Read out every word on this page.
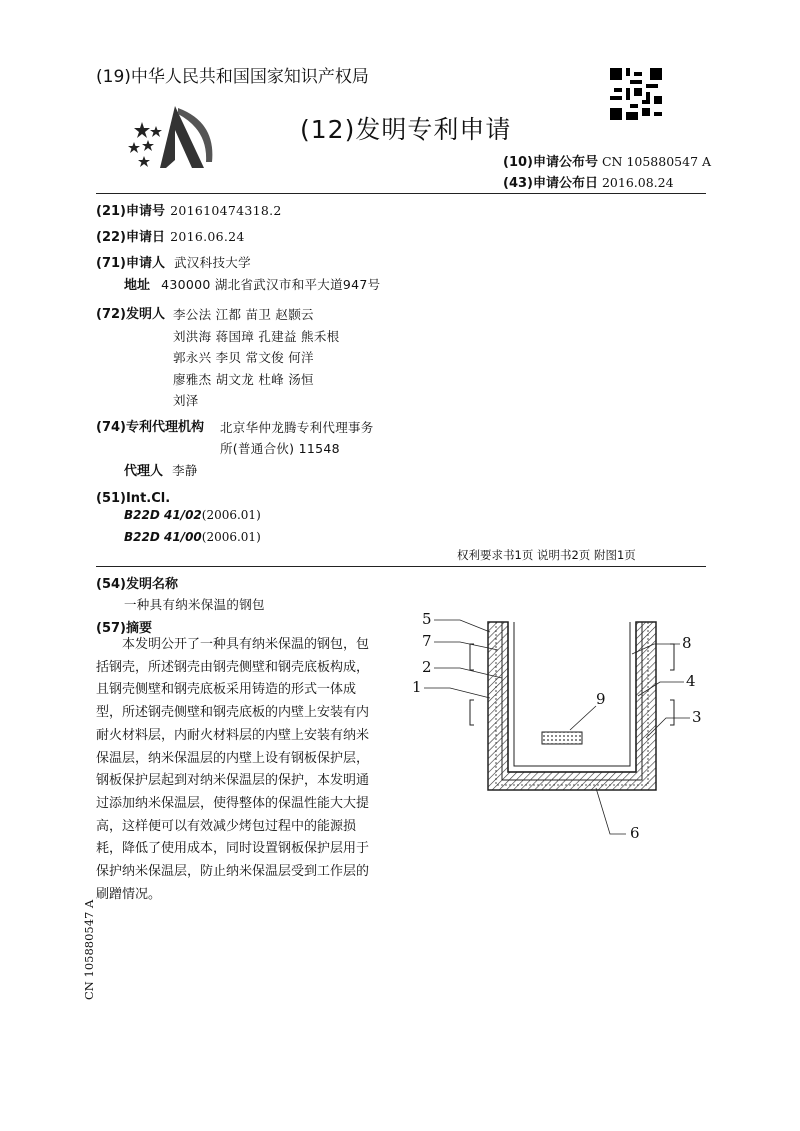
(19)中华人民共和国国家知识产权局
(12)发明专利申请
(10)申请公布号 CN 105880547 A
(43)申请公布日 2016.08.24
(21)申请号 201610474318.2
(22)申请日 2016.06.24
(71)申请人 武汉科技大学
地址 430000 湖北省武汉市和平大道947号
(72)发明人 李公法 江都 苗卫 赵颢云
刘洪海 蒋国璋 孔建益 熊禾根
郭永兴 李贝 常文俊 何洋
廖雅杰 胡文龙 杜峰 汤恒
刘泽
(74)专利代理机构 北京华仲龙腾专利代理事务
所(普通合伙) 11548
代理人 李静
(51)Int.Cl.
B22D 41/02(2006.01)
B22D 41/00(2006.01)
权利要求书1页 说明书2页 附图1页
(54)发明名称
一种具有纳米保温的钢包
(57)摘要

本发明公开了一种具有纳米保温的钢包，包

括钢壳，所述钢壳由钢壳侧壁和钢壳底板构成，

且钢壳侧壁和钢壳底板采用铸造的形式一体成

型，所述钢壳侧壁和钢壳底板的内壁上安装有内

耐火材料层，内耐火材料层的内壁上安装有纳米

保温层，纳米保温层的内壁上设有钢板保护层，

钢板保护层起到对纳米保温层的保护，本发明通

过添加纳米保温层，使得整体的保温性能大大提

高，这样便可以有效减少烤包过程中的能源损

耗，降低了使用成本，同时设置钢板保护层用于

保护纳米保温层，防止纳米保温层受到工作层的

刷蹭情况。

5
7
2
1
9
8
4
3
6
CN 105880547 A
